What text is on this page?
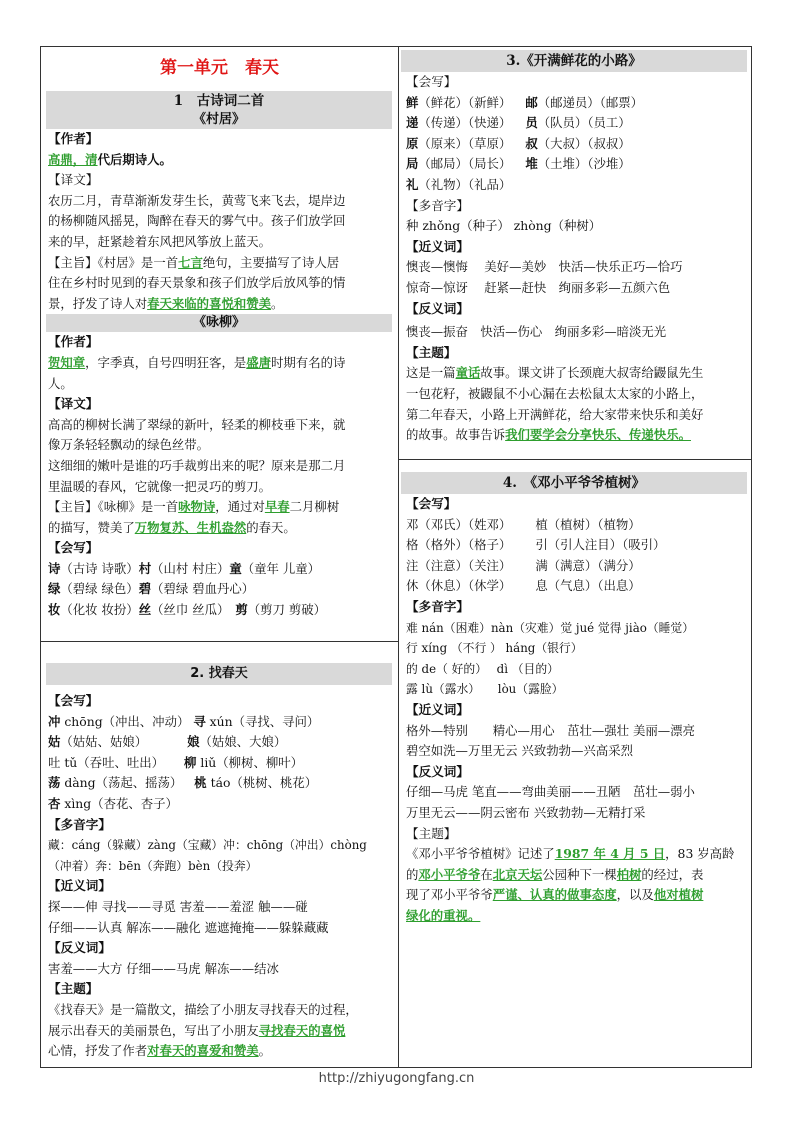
第一单元　春天
1　古诗词二首
《村居》
【作者】
高鼎，清代后期诗人。
【译文】
农历二月，青草渐渐发芽生长，黄莺飞来飞去，堤岸边
的杨柳随风摇晃，陶醉在春天的雾气中。孩子们放学回
来的早，赶紧趁着东风把风筝放上蓝天。
【主旨】《村居》是一首七言绝句，主要描写了诗人居
住在乡村时见到的春天景象和孩子们放学后放风筝的情
景，抒发了诗人对春天来临的喜悦和赞美。
《咏柳》
【作者】
贺知章，字季真，自号四明狂客，是盛唐时期有名的诗
人。
【译文】
高高的柳树长满了翠绿的新叶，轻柔的柳枝垂下来，就
像万条轻轻飘动的绿色丝带。
这细细的嫩叶是谁的巧手裁剪出来的呢？原来是那二月
里温暖的春风，它就像一把灵巧的剪刀。
【主旨】《咏柳》是一首咏物诗，通过对早春二月柳树
的描写，赞美了万物复苏、生机盎然的春天。
【会写】
诗（古诗 诗歌）村（山村 村庄）童（童年 儿童）
绿（碧绿 绿色）碧（碧绿 碧血丹心）
妆（化妆 妆扮）丝（丝巾 丝瓜） 剪（剪刀 剪破）
2. 找春天
【会写】
冲 chōng（冲出、冲动） 寻 xún（寻找、寻问）
姑（姑姑、姑娘）	娘（姑娘、大娘）
吐 tǔ（吞吐、吐出） 柳 liǔ（柳树、柳叶）
荡 dàng（荡起、摇荡） 桃 táo（桃树、桃花）
杏 xìng（杏花、杏子）
【多音字】
藏：cáng（躲藏）zàng（宝藏）冲：chōng（冲出）chòng
（冲着）奔：bēn（奔跑）bèn（投奔）
【近义词】
探——伸 寻找——寻觅 害羞——羞涩 触——碰
仔细——认真 解冻——融化 遮遮掩掩——躲躲藏藏
【反义词】
害羞——大方 仔细——马虎 解冻——结冰
【主题】
《找春天》是一篇散文，描绘了小朋友寻找春天的过程，
展示出春天的美丽景色，写出了小朋友寻找春天的喜悦
心情，抒发了作者对春天的喜爱和赞美。
3.《开满鲜花的小路》
【会写】
鲜（鲜花）（新鲜） 邮（邮递员）（邮票）
递（传递）（快递） 员（队员）（员工）
原（原来）（草原） 叔（大叔）（叔叔）
局（邮局）（局长） 堆（土堆）（沙堆）
礼（礼物）（礼品）
【多音字】
种 zhǒng（种子） zhòng（种树）
【近义词】
懊丧—懊悔　 美好—美妙　快活—快乐正巧—恰巧
惊奇—惊讶　 赶紧—赶快　绚丽多彩—五颜六色
【反义词】
懊丧—振奋　快活—伤心　绚丽多彩—暗淡无光
【主题】
这是一篇童话故事。课文讲了长颈鹿大叔寄给鼹鼠先生
一包花籽，被鼹鼠不小心漏在去松鼠太太家的小路上，
第二年春天，小路上开满鲜花，给大家带来快乐和美好
的故事。故事告诉我们要学会分享快乐、传递快乐。
4.　《邓小平爷爷植树》
【会写】
邓（邓氏）（姓邓） 植（植树）（植物）
格（格外）（格子） 引（引人注目）（吸引）
注（注意）（关注） 满（满意）（满分）
休（休息）（休学） 息（气息）（出息）
【多音字】
难 nán（困难）nàn（灾难）觉 jué 觉得 jiào（睡觉）
行 xíng （不行 ） háng（银行）
的 de（ 好的）　 dì （目的）
露 lù（露水）　　lòu（露脸）
【近义词】
格外—特别　　精心—用心　茁壮—强壮 美丽—漂亮
碧空如洗—万里无云 兴致勃勃—兴高采烈
【反义词】
仔细—马虎 笔直——弯曲美丽——丑陋　茁壮—弱小
万里无云——阴云密布 兴致勃勃—无精打采
【主题】
《邓小平爷爷植树》记述了1987 年 4 月 5 日，83 岁高龄
的邓小平爷爷在北京天坛公园种下一棵柏树的经过，表
现了邓小平爷爷严谨、认真的做事态度，以及他对植树
绿化的重视。
http://zhiyugongfang.cn
